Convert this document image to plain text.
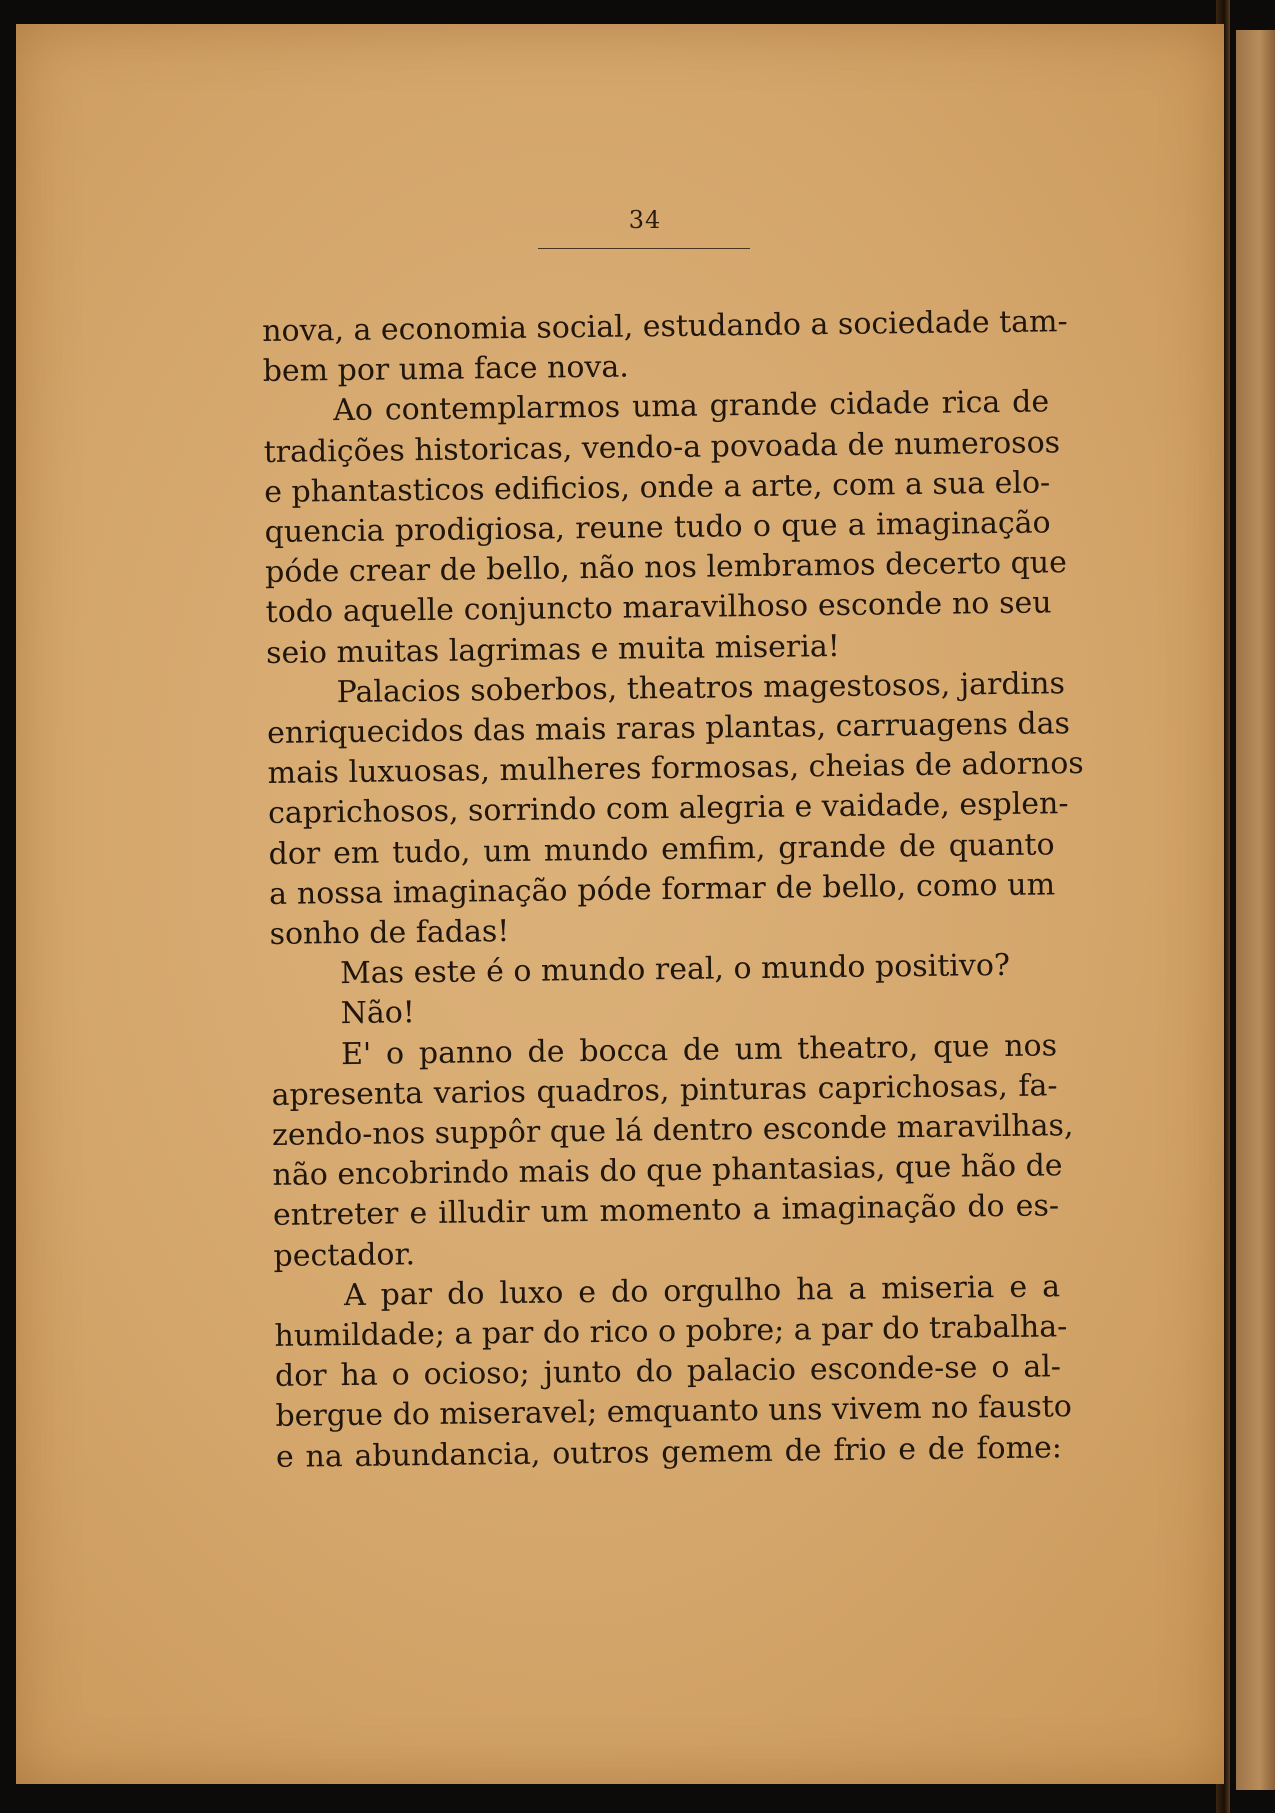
34
nova, a economia social, estudando a sociedade tam-
bem por uma face nova.
Ao contemplarmos uma grande cidade rica de
tradições historicas, vendo-a povoada de numerosos
e phantasticos edificios, onde a arte, com a sua elo-
quencia prodigiosa, reune tudo o que a imaginação
póde crear de bello, não nos lembramos decerto que
todo aquelle conjuncto maravilhoso esconde no seu
seio muitas lagrimas e muita miseria!
Palacios soberbos, theatros magestosos, jardins
enriquecidos das mais raras plantas, carruagens das
mais luxuosas, mulheres formosas, cheias de adornos
caprichosos, sorrindo com alegria e vaidade, esplen-
dor em tudo, um mundo emfim, grande de quanto
a nossa imaginação póde formar de bello, como um
sonho de fadas!
Mas este é o mundo real, o mundo positivo?
Não!
E' o panno de bocca de um theatro, que nos
apresenta varios quadros, pinturas caprichosas, fa-
zendo-nos suppôr que lá dentro esconde maravilhas,
não encobrindo mais do que phantasias, que hão de
entreter e illudir um momento a imaginação do es-
pectador.
A par do luxo e do orgulho ha a miseria e a
humildade; a par do rico o pobre; a par do trabalha-
dor ha o ocioso; junto do palacio esconde-se o al-
bergue do miseravel; emquanto uns vivem no fausto
e na abundancia, outros gemem de frio e de fome:
